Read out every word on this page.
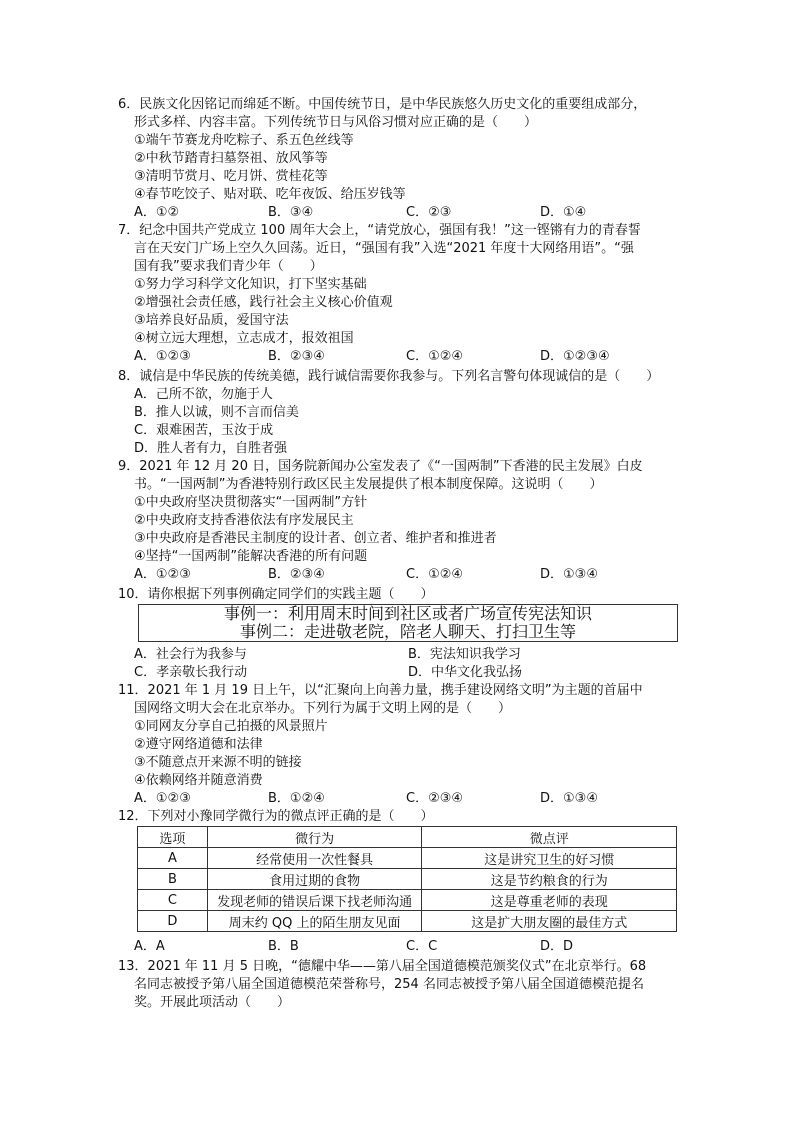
6．民族文化因铭记而绵延不断。中国传统节日，是中华民族悠久历史文化的重要组成部分，

形式多样、内容丰富。下列传统节日与风俗习惯对应正确的是（　　）

①端午节赛龙舟吃粽子、系五色丝线等

②中秋节踏青扫墓祭祖、放风筝等

③清明节赏月、吃月饼、赏桂花等

④春节吃饺子、贴对联、吃年夜饭、给压岁钱等

A．①②	B．③④	C．②③	D．①④

7．纪念中国共产党成立 100 周年大会上，“请党放心，强国有我！”这一铿锵有力的青春誓

言在天安门广场上空久久回荡。近日，“强国有我”入选“2021 年度十大网络用语”。“强

国有我”要求我们青少年（　　）

①努力学习科学文化知识，打下坚实基础

②增强社会责任感，践行社会主义核心价值观

③培养良好品质，爱国守法

④树立远大理想，立志成才，报效祖国

A．①②③	B．②③④	C．①②④	D．①②③④

8．诚信是中华民族的传统美德，践行诚信需要你我参与。下列名言警句体现诚信的是（　　）

A．己所不欲，勿施于人

B．推人以诚，则不言而信美

C．艰难困苦，玉汝于成

D．胜人者有力，自胜者强

9．2021 年 12 月 20 日，国务院新闻办公室发表了《“一国两制”下香港的民主发展》白皮

书。“一国两制”为香港特别行政区民主发展提供了根本制度保障。这说明（　　）

①中央政府坚决贯彻落实“一国两制”方针

②中央政府支持香港依法有序发展民主

③中央政府是香港民主制度的设计者、创立者、维护者和推进者

④坚持“一国两制”能解决香港的所有问题

A．①②③	B．②③④	C．①②④	D．①③④

10．请你根据下列事例确定同学们的实践主题（　　）

事例一：利用周末时间到社区或者广场宣传宪法知识
事例二：走进敬老院，陪老人聊天、打扫卫生等
A．社会行为我参与	B．宪法知识我学习
C．孝亲敬长我行动	D．中华文化我弘扬

11．2021 年 1 月 19 日上午，以“汇聚向上向善力量，携手建设网络文明”为主题的首届中

国网络文明大会在北京举办。下列行为属于文明上网的是（　　）

①同网友分享自己拍摄的风景照片

②遵守网络道德和法律

③不随意点开来源不明的链接

④依赖网络并随意消费

A．①②③	B．①②④	C．②③④	D．①③④

12．下列对小豫同学微行为的微点评正确的是（　　）

选项	微行为	微点评
A	经常使用一次性餐具	这是讲究卫生的好习惯
B	食用过期的食物	这是节约粮食的行为
C	发现老师的错误后课下找老师沟通	这是尊重老师的表现
D	周末约 QQ 上的陌生朋友见面	这是扩大朋友圈的最佳方式
A．A	B．B	C．C	D．D

13．2021 年 11 月 5 日晚，“德耀中华——第八届全国道德模范颁奖仪式”在北京举行。68

名同志被授予第八届全国道德模范荣誉称号，254 名同志被授予第八届全国道德模范提名

奖。开展此项活动（　　）
